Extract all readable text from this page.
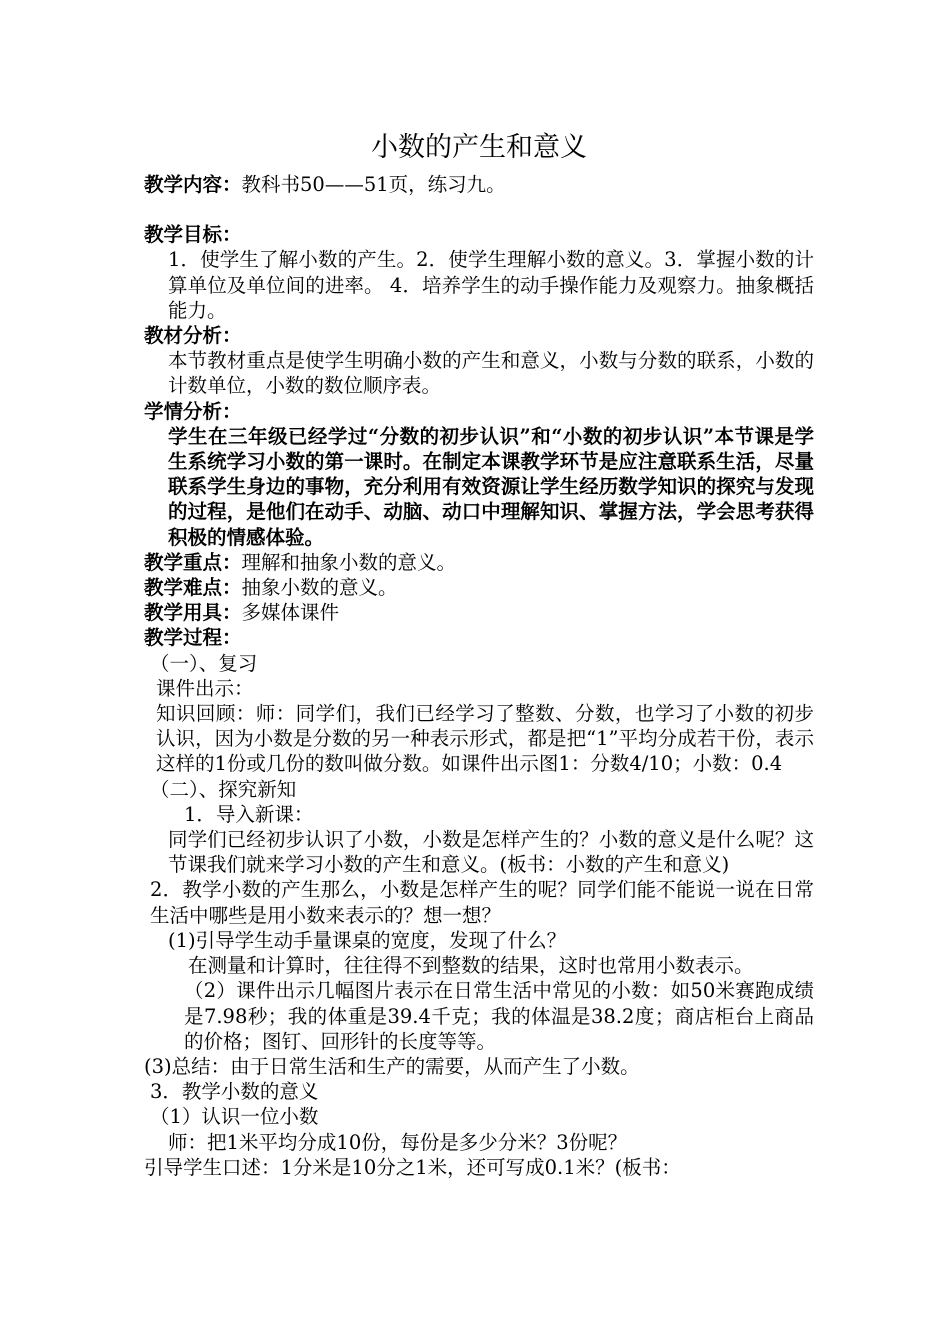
小数的产生和意义

教学内容：教科书50——51页，练习九。

教学目标：

1．使学生了解小数的产生。2．使学生理解小数的意义。3．掌握小数的计算单位及单位间的进率。 4．培养学生的动手操作能力及观察力。抽象概括能力。

教材分析：

本节教材重点是使学生明确小数的产生和意义，小数与分数的联系，小数的计数单位，小数的数位顺序表。

学情分析：

学生在三年级已经学过“分数的初步认识”和“小数的初步认识”本节课是学生系统学习小数的第一课时。在制定本课教学环节是应注意联系生活，尽量联系学生身边的事物，充分利用有效资源让学生经历数学知识的探究与发现的过程，是他们在动手、动脑、动口中理解知识、掌握方法，学会思考获得积极的情感体验。

教学重点：理解和抽象小数的意义。

教学难点：抽象小数的意义。

教学用具：多媒体课件

教学过程：

（一）、复习

课件出示：

知识回顾：师：同学们，我们已经学习了整数、分数，也学习了小数的初步认识，因为小数是分数的另一种表示形式，都是把“1”平均分成若干份，表示这样的1份或几份的数叫做分数。如课件出示图1：分数4/10；小数：0.4

（二）、探究新知

1．导入新课：

同学们已经初步认识了小数，小数是怎样产生的？小数的意义是什么呢？这节课我们就来学习小数的产生和意义。(板书：小数的产生和意义)

2．教学小数的产生那么，小数是怎样产生的呢？同学们能不能说一说在日常生活中哪些是用小数来表示的？想一想？

(1)引导学生动手量课桌的宽度，发现了什么？

在测量和计算时，往往得不到整数的结果，这时也常用小数表示。

（2）课件出示几幅图片表示在日常生活中常见的小数：如50米赛跑成绩是7.98秒；我的体重是39.4千克；我的体温是38.2度；商店柜台上商品的价格；图钉、回形针的长度等等。

(3)总结：由于日常生活和生产的需要，从而产生了小数。

3．教学小数的意义

（1）认识一位小数

师：把1米平均分成10份，每份是多少分米？3份呢？

引导学生口述：1分米是10分之1米，还可写成0.1米？(板书：
